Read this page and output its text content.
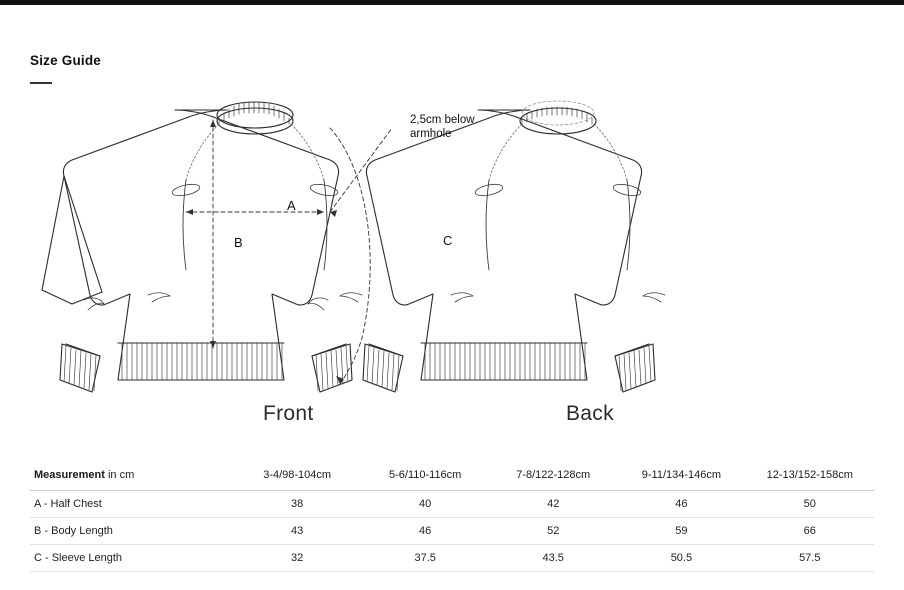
Size Guide
A
B	C
2,5cm below
armhole
Front	Back
Measurement in cm	3-4/98-104cm	5-6/110-116cm	7-8/122-128cm	9-11/134-146cm	12-13/152-158cm
A - Half Chest	38	40	42	46	50
B - Body Length	43	46	52	59	66
C - Sleeve Length	32	37.5	43.5	50.5	57.5
